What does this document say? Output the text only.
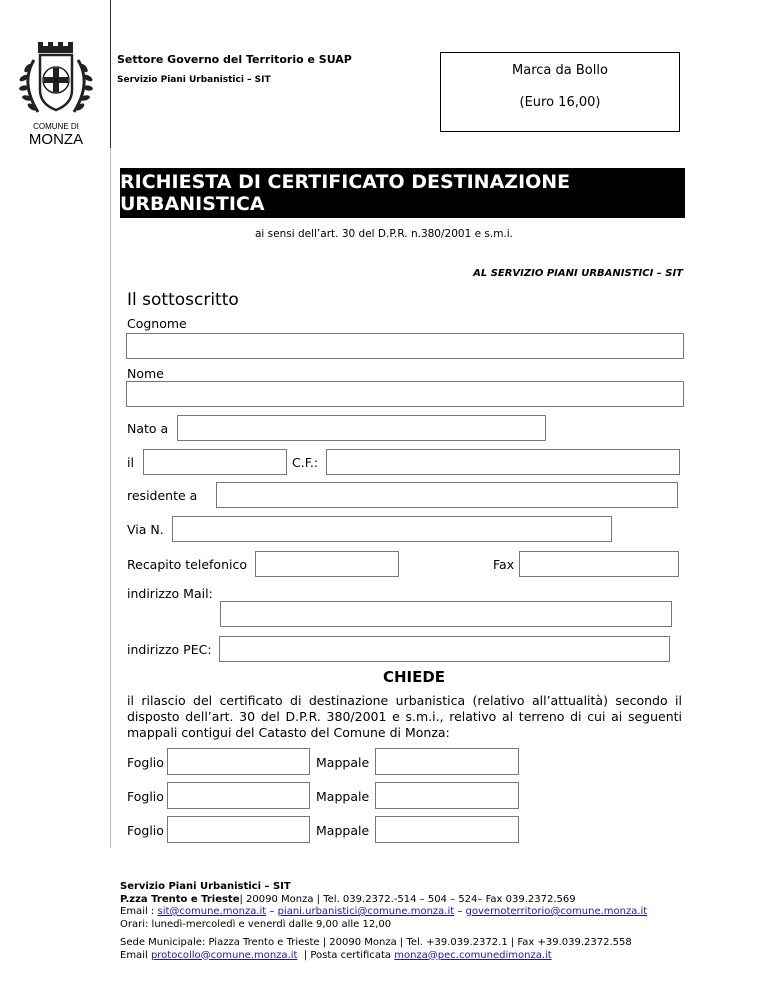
COMUNE DI
MONZA
Settore Governo del Territorio e SUAP
Servizio Piani Urbanistici – SIT
Marca da Bollo
(Euro 16,00)
RICHIESTA DI CERTIFICATO DESTINAZIONE URBANISTICA
ai sensi dell’art. 30 del D.P.R. n.380/2001 e s.m.i.
AL SERVIZIO PIANI URBANISTICI – SIT
Il sottoscritto
Cognome
Nome
Nato a
il	C.F.:
residente a
Via N.
Recapito telefonico	Fax
indirizzo Mail:
indirizzo PEC:
CHIEDE
il rilascio del certificato di destinazione urbanistica (relativo all’attualità) secondo il disposto dell’art. 30 del D.P.R. 380/2001 e s.m.i., relativo al terreno di cui ai seguenti mappali contigui del Catasto del Comune di Monza:
Foglio	Mappale
Foglio	Mappale
Foglio	Mappale
Servizio Piani Urbanistici – SIT
P.zza Trento e Trieste| 20090 Monza | Tel. 039.2372.-514 – 504 – 524– Fax 039.2372.569
Email : sit@comune.monza.it – piani.urbanistici@comune.monza.it – governoterritorio@comune.monza.it
Orari: lunedì-mercoledì e venerdì dalle 9,00 alle 12,00
Sede Municipale: Piazza Trento e Trieste | 20090 Monza | Tel. +39.039.2372.1 | Fax +39.039.2372.558
Email protocollo@comune.monza.it  | Posta certificata monza@pec.comunedimonza.it
